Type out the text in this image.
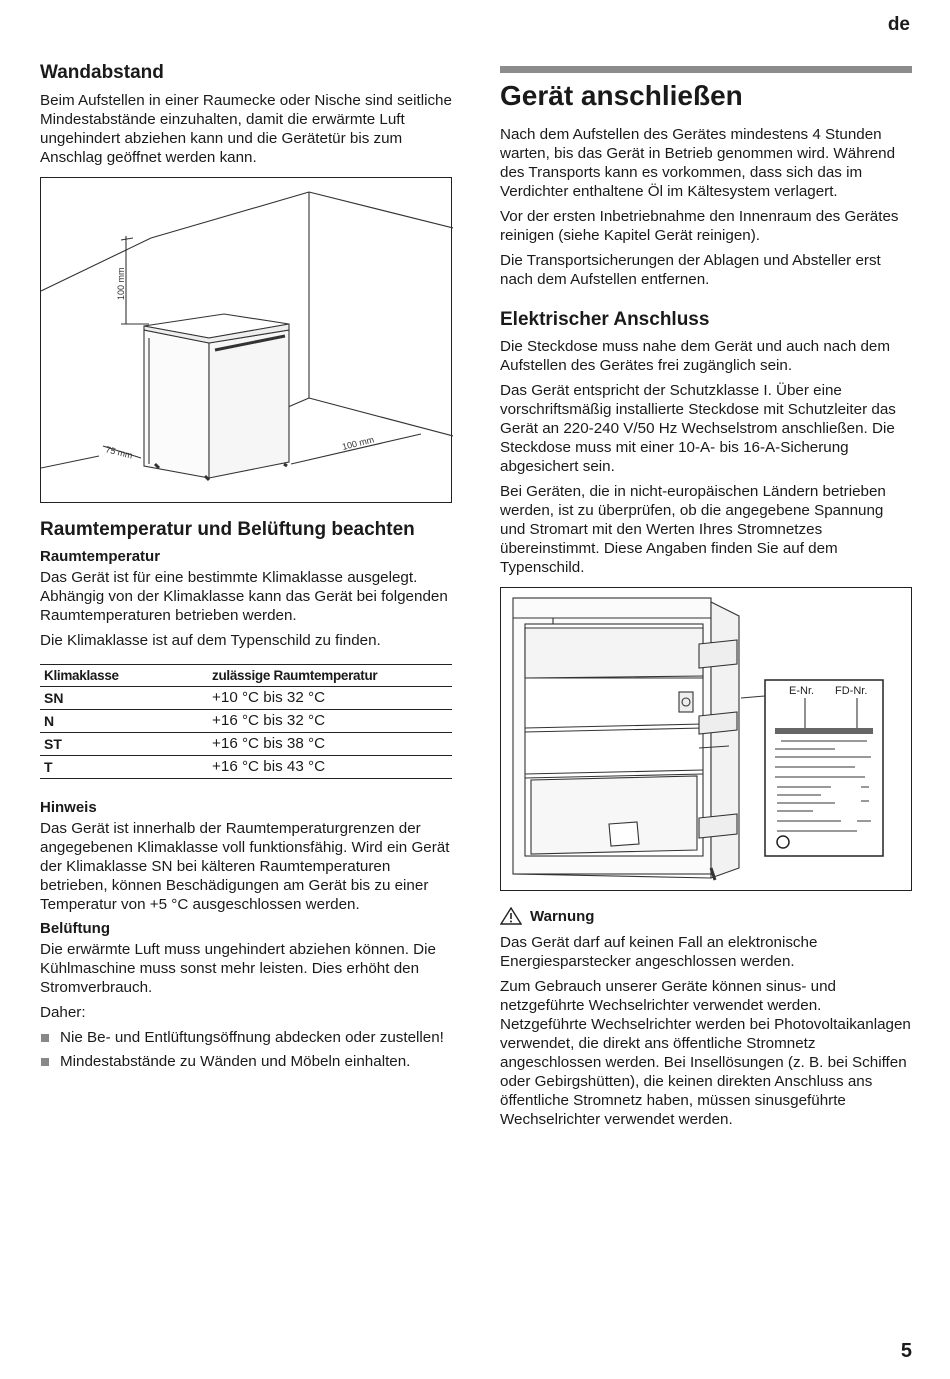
de
Wandabstand

Beim Aufstellen in einer Raumecke oder Nische sind seitliche Mindestabstände einzuhalten, damit die erwärmte Luft ungehindert abziehen kann und die Gerätetür bis zum Anschlag geöffnet werden kann.

100 mm
75 mm
100 mm
Raumtemperatur und Belüftung beachten
Raumtemperatur

Das Gerät ist für eine bestimmte Klimaklasse ausgelegt. Abhängig von der Klimaklasse kann das Gerät bei folgenden Raumtemperaturen betrieben werden.

Die Klimaklasse ist auf dem Typenschild zu finden.

Klimaklasse	zulässige Raumtemperatur
SN	+10 °C bis 32 °C
N	+16 °C bis 32 °C
ST	+16 °C bis 38 °C
T	+16 °C bis 43 °C
Hinweis

Das Gerät ist innerhalb der Raumtemperaturgrenzen der angegebenen Klimaklasse voll funktionsfähig. Wird ein Gerät der Klimaklasse SN bei kälteren Raumtemperaturen betrieben, können Beschädigungen am Gerät bis zu einer Temperatur von +5 °C ausgeschlossen werden.

Belüftung

Die erwärmte Luft muss ungehindert abziehen können. Die Kühlmaschine muss sonst mehr leisten. Dies erhöht den Stromverbrauch.

Daher:

Nie Be- und Entlüftungsöffnung abdecken oder zustellen!
Mindestabstände zu Wänden und Möbeln einhalten.
Gerät anschließen

Nach dem Aufstellen des Gerätes mindestens 4 Stunden warten, bis das Gerät in Betrieb genommen wird. Während des Transports kann es vorkommen, dass sich das im Verdichter enthaltene Öl im Kältesystem verlagert.

Vor der ersten Inbetriebnahme den Innenraum des Gerätes reinigen (siehe Kapitel Gerät reinigen).

Die Transportsicherungen der Ablagen und Absteller erst nach dem Aufstellen entfernen.

Elektrischer Anschluss

Die Steckdose muss nahe dem Gerät und auch nach dem Aufstellen des Gerätes frei zugänglich sein.

Das Gerät entspricht der Schutzklasse I. Über eine vorschriftsmäßig installierte Steckdose mit Schutzleiter das Gerät an 220-240 V/50 Hz Wechselstrom anschließen. Die Steckdose muss mit einer 10-A- bis 16-A-Sicherung abgesichert sein.

Bei Geräten, die in nicht-europäischen Ländern betrieben werden, ist zu überprüfen, ob die angegebene Spannung und Stromart mit den Werten Ihres Stromnetzes übereinstimmt. Diese Angaben finden Sie auf dem Typenschild.

E-Nr. FD-Nr.
Warnung

Das Gerät darf auf keinen Fall an elektronische Energiesparstecker angeschlossen werden.

Zum Gebrauch unserer Geräte können sinus- und netzgeführte Wechselrichter verwendet werden. Netzgeführte Wechselrichter werden bei Photovoltaikanlagen verwendet, die direkt ans öffentliche Stromnetz angeschlossen werden. Bei Insellösungen (z. B. bei Schiffen oder Gebirgshütten), die keinen direkten Anschluss ans öffentliche Stromnetz haben, müssen sinusgeführte Wechselrichter verwendet werden.

5
